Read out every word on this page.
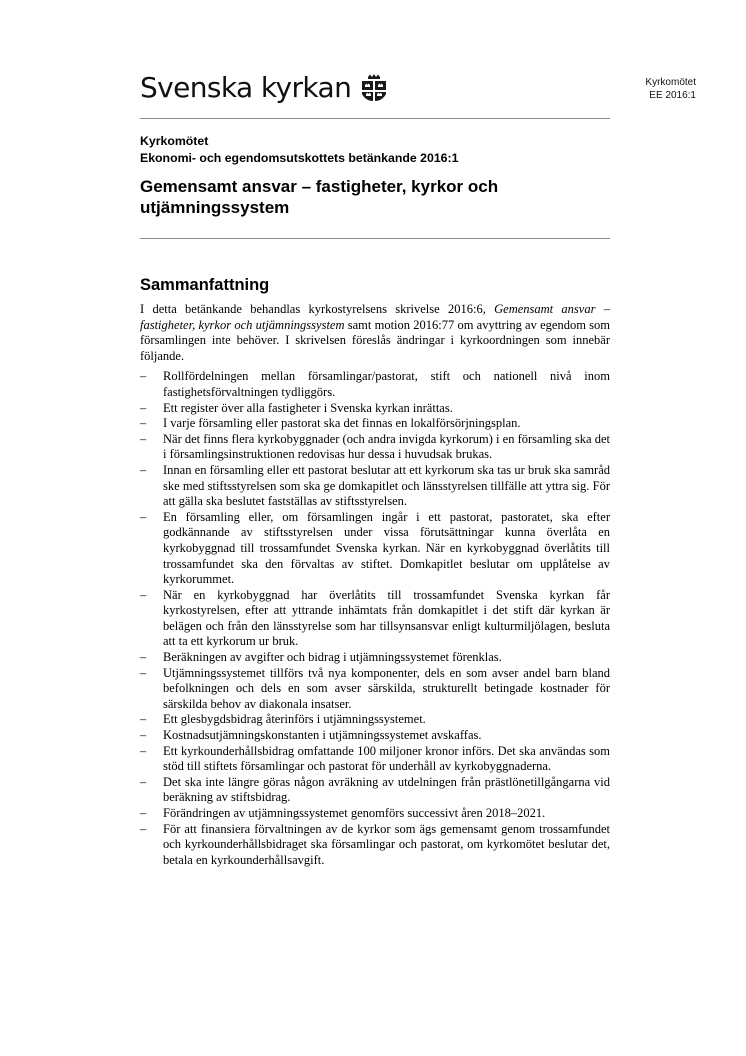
Svenska kyrkan	Kyrkomötet
EE 2016:1
Kyrkomötet
Ekonomi- och egendomsutskottets betänkande 2016:1
Gemensamt ansvar – fastigheter, kyrkor och utjämningssystem
Sammanfattning

I detta betänkande behandlas kyrkostyrelsens skrivelse 2016:6, Gemensamt ansvar – fastigheter, kyrkor och utjämningssystem samt motion 2016:77 om avyttring av egendom som församlingen inte behöver. I skrivelsen föreslås ändringar i kyrkoordningen som innebär följande.

– Rollfördelningen mellan församlingar/pastorat, stift och nationell nivå inom fastighetsförvaltningen tydliggörs.
– Ett register över alla fastigheter i Svenska kyrkan inrättas.
– I varje församling eller pastorat ska det finnas en lokalförsörjningsplan.
– När det finns flera kyrkobyggnader (och andra invigda kyrkorum) i en församling ska det i församlingsinstruktionen redovisas hur dessa i huvudsak brukas.
– Innan en församling eller ett pastorat beslutar att ett kyrkorum ska tas ur bruk ska samråd ske med stiftsstyrelsen som ska ge domkapitlet och länsstyrelsen tillfälle att yttra sig. För att gälla ska beslutet fastställas av stiftsstyrelsen.
– En församling eller, om församlingen ingår i ett pastorat, pastoratet, ska efter godkännande av stiftsstyrelsen under vissa förutsättningar kunna överlåta en kyrkobyggnad till trossamfundet Svenska kyrkan. När en kyrkobyggnad överlåtits till trossamfundet ska den förvaltas av stiftet. Domkapitlet beslutar om upplåtelse av kyrkorummet.
– När en kyrkobyggnad har överlåtits till trossamfundet Svenska kyrkan får kyrkostyrelsen, efter att yttrande inhämtats från domkapitlet i det stift där kyrkan är belägen och från den länsstyrelse som har tillsynsansvar enligt kulturmiljölagen, besluta att ta ett kyrkorum ur bruk.
– Beräkningen av avgifter och bidrag i utjämningssystemet förenklas.
– Utjämningssystemet tillförs två nya komponenter, dels en som avser andel barn bland befolkningen och dels en som avser särskilda, strukturellt betingade kostnader för särskilda behov av diakonala insatser.
– Ett glesbygdsbidrag återinförs i utjämningssystemet.
– Kostnadsutjämningskonstanten i utjämningssystemet avskaffas.
– Ett kyrkounderhållsbidrag omfattande 100 miljoner kronor införs. Det ska användas som stöd till stiftets församlingar och pastorat för underhåll av kyrkobyggnaderna.
– Det ska inte längre göras någon avräkning av utdelningen från prästlönetillgångarna vid beräkning av stiftsbidrag.
– Förändringen av utjämningssystemet genomförs successivt åren 2018–2021.
– För att finansiera förvaltningen av de kyrkor som ägs gemensamt genom trossamfundet och kyrkounderhållsbidraget ska församlingar och pastorat, om kyrkomötet beslutar det, betala en kyrkounderhållsavgift.
